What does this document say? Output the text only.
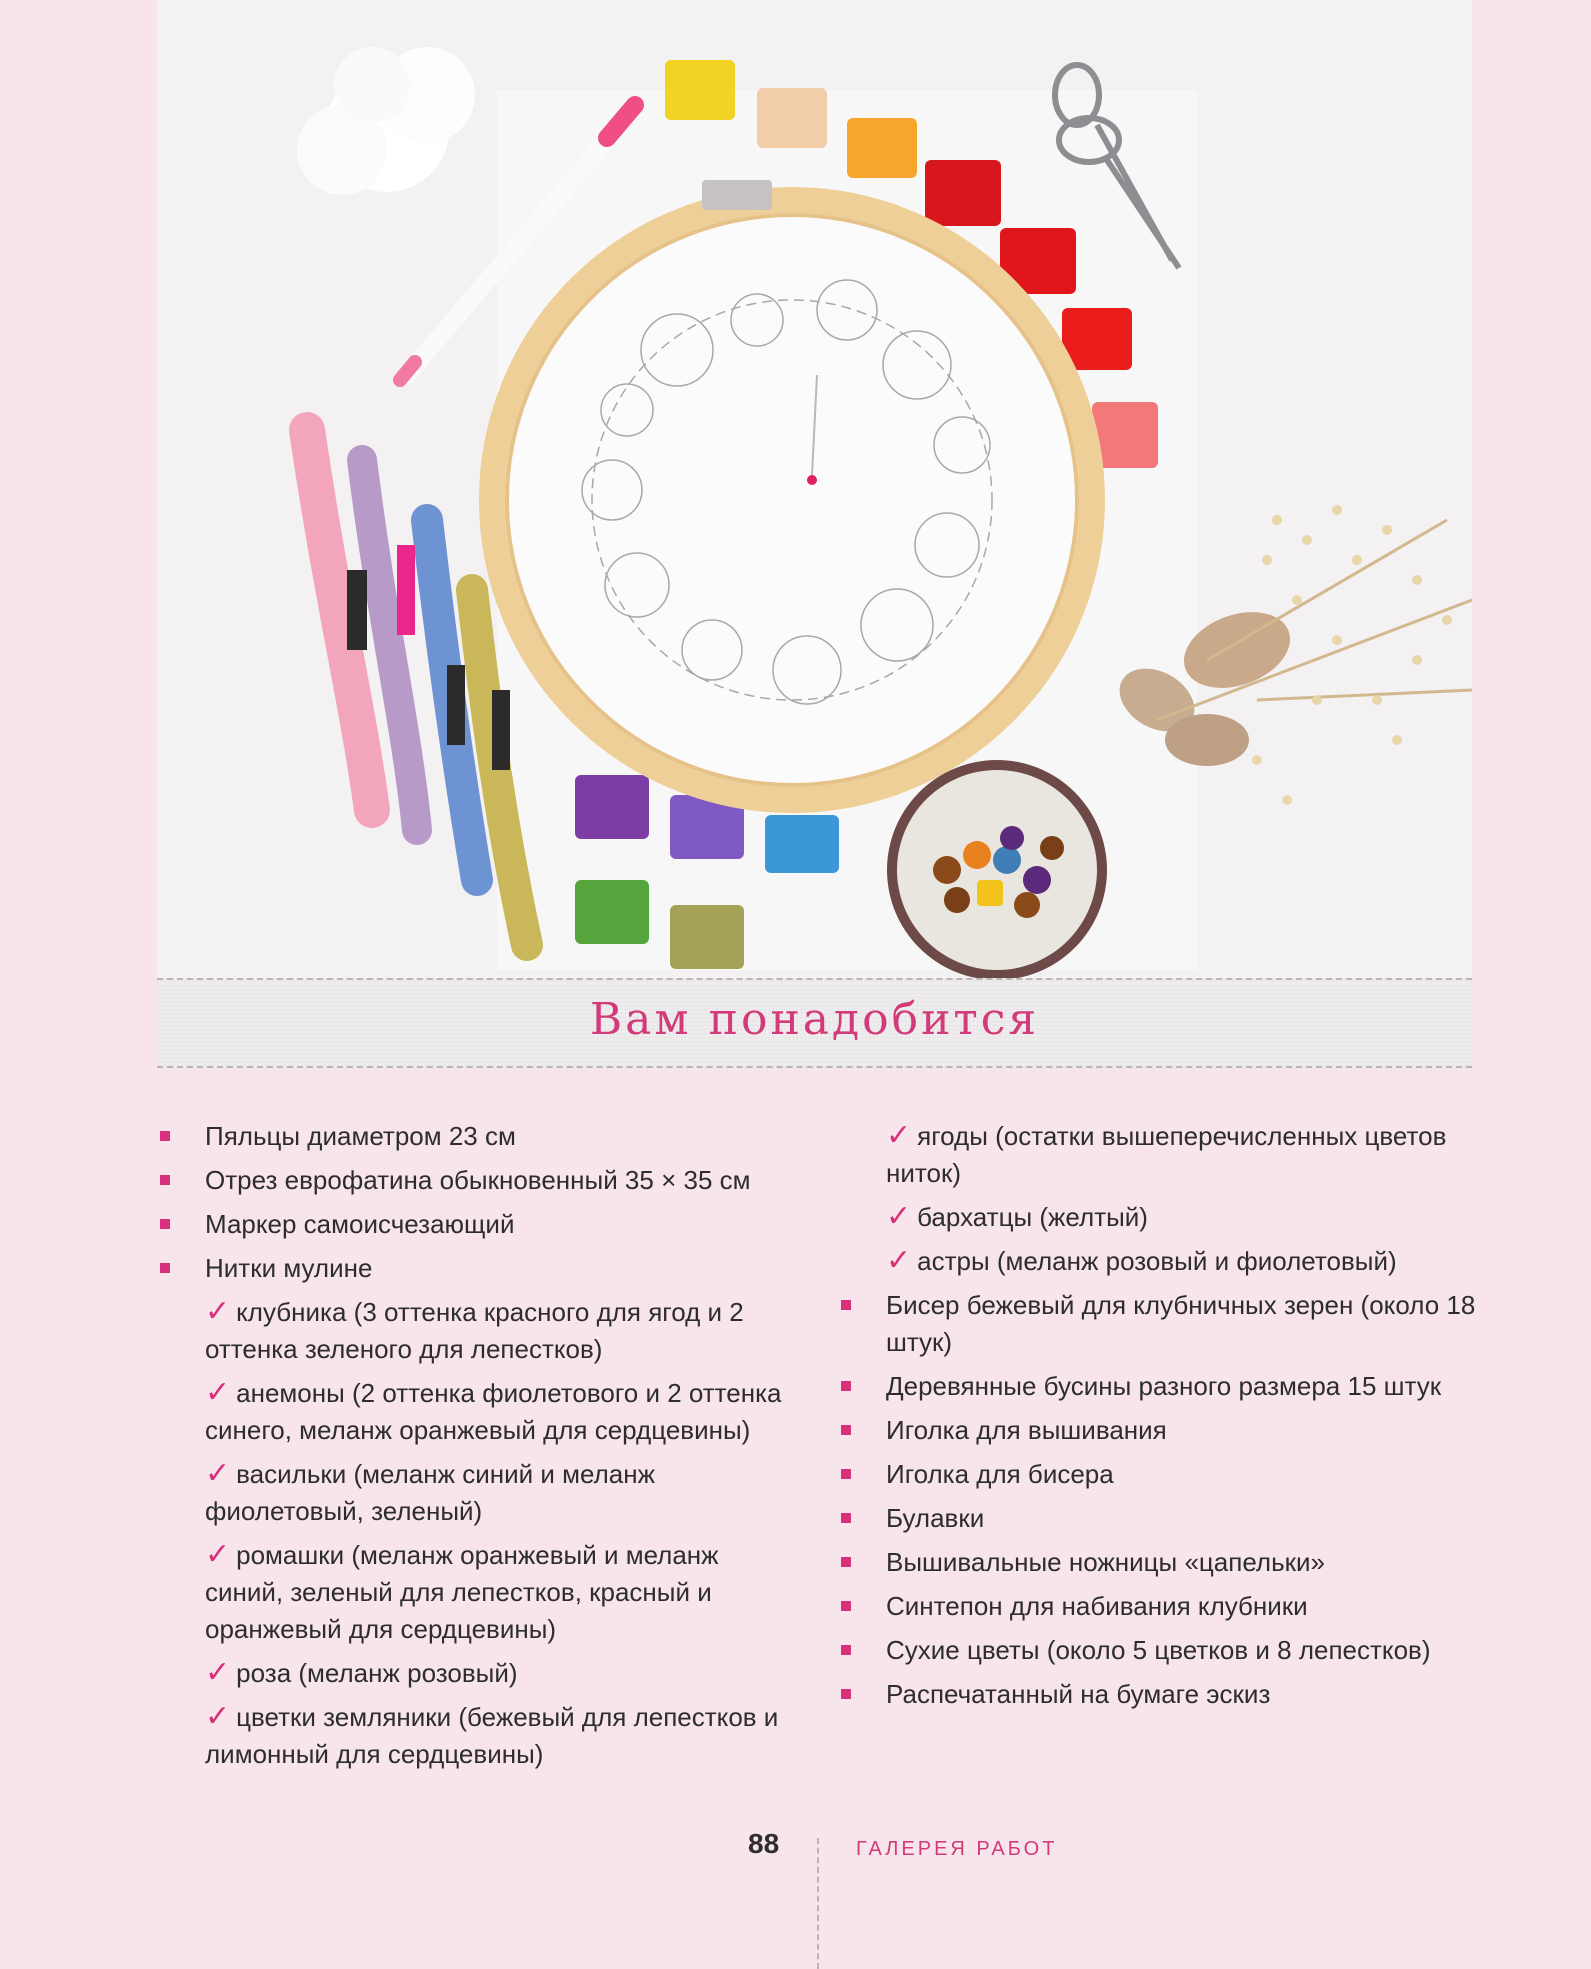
Вам понадобится
Пяльцы диаметром 23 см
Отрез еврофатина обыкновенный 35 × 35 см
Маркер самоисчезающий
Нитки мулине
✓ клубника (3 оттенка красного для ягод и 2 оттенка зеленого для лепестков)
✓ анемоны (2 оттенка фиолетового и 2 оттенка синего, меланж оранжевый для сердцевины)
✓ васильки (меланж синий и меланж фиолетовый, зеленый)
✓ ромашки (меланж оранжевый и меланж синий, зеленый для лепестков, красный и оранжевый для сердцевины)
✓ роза (меланж розовый)
✓ цветки земляники (бежевый для лепестков и лимонный для сердцевины)
✓ ягоды (остатки вышеперечисленных цветов ниток)
✓ бархатцы (желтый)
✓ астры (меланж розовый и фиолетовый)
Бисер бежевый для клубничных зерен (около 18 штук)
Деревянные бусины разного размера 15 штук
Иголка для вышивания
Иголка для бисера
Булавки
Вышивальные ножницы «цапельки»
Синтепон для набивания клубники
Сухие цветы (около 5 цветков и 8 лепестков)
Распечатанный на бумаге эскиз
88	ГАЛЕРЕЯ РАБОТ
